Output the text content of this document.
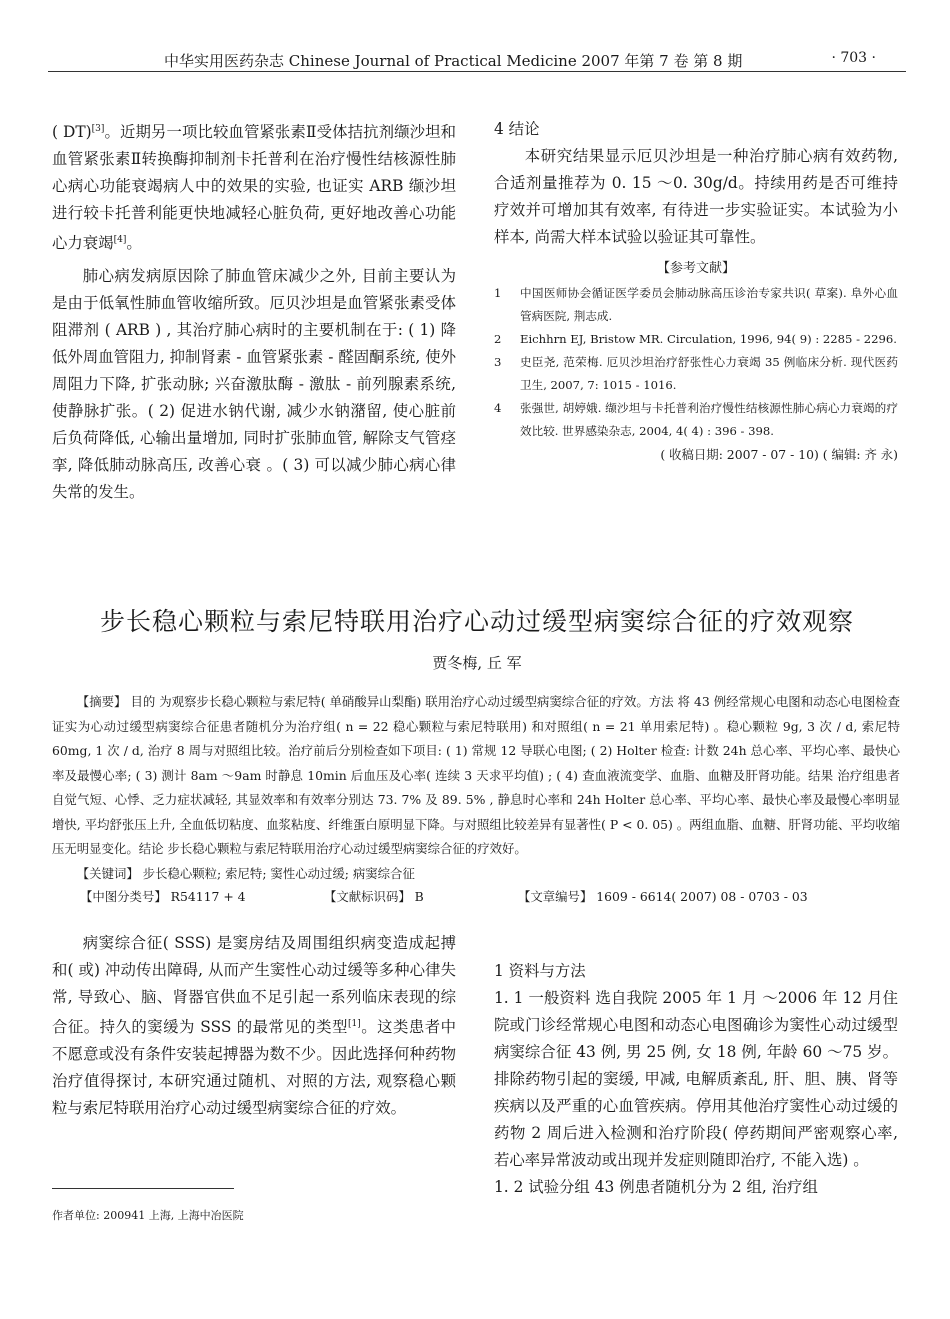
中华实用医药杂志 Chinese Journal of Practical Medicine 2007 年第 7 卷 第 8 期	· 703 ·

( DT)[3]。近期另一项比较血管紧张素Ⅱ受体拮抗剂缬沙坦和血管紧张素Ⅱ转换酶抑制剂卡托普利在治疗慢性结核源性肺心病心功能衰竭病人中的效果的实验, 也证实 ARB 缬沙坦进行较卡托普利能更快地减轻心脏负荷, 更好地改善心功能心力衰竭[4]。

肺心病发病原因除了肺血管床减少之外, 目前主要认为是由于低氧性肺血管收缩所致。厄贝沙坦是血管紧张素受体阻滞剂 ( ARB ) , 其治疗肺心病时的主要机制在于: ( 1) 降低外周血管阻力, 抑制肾素 - 血管紧张素 - 醛固酮系统, 使外周阻力下降, 扩张动脉; 兴奋激肽酶 - 激肽 - 前列腺素系统, 使静脉扩张。( 2) 促进水钠代谢, 减少水钠潴留, 使心脏前后负荷降低, 心输出量增加, 同时扩张肺血管, 解除支气管痉挛, 降低肺动脉高压, 改善心衰 。( 3) 可以减少肺心病心律失常的发生。

4 结论

本研究结果显示厄贝沙坦是一种治疗肺心病有效药物, 合适剂量推荐为 0. 15 ～0. 30g/d。持续用药是否可维持疗效并可增加其有效率, 有待进一步实验证实。本试验为小样本, 尚需大样本试验以验证其可靠性。

【参考文献】

1	中国医师协会循证医学委员会肺动脉高压诊治专家共识( 草案). 阜外心血管病医院, 荆志成.
2	Eichhrn EJ, Bristow MR. Circulation, 1996, 94( 9) : 2285 - 2296.
3	史臣尧, 范荣梅. 厄贝沙坦治疗舒张性心力衰竭 35 例临床分析. 现代医药卫生, 2007, 7: 1015 - 1016.
4	张强世, 胡婷娥. 缬沙坦与卡托普利治疗慢性结核源性肺心病心力衰竭的疗效比较. 世界感染杂志, 2004, 4( 4) : 396 - 398.
( 收稿日期: 2007 - 07 - 10) ( 编辑: 齐 永)
步长稳心颗粒与索尼特联用治疗心动过缓型病窦综合征的疗效观察
贾冬梅, 丘 军

【摘要】 目的 为观察步长稳心颗粒与索尼特( 单硝酸异山梨酯) 联用治疗心动过缓型病窦综合征的疗效。方法 将 43 例经常规心电图和动态心电图检查证实为心动过缓型病窦综合征患者随机分为治疗组( n = 22 稳心颗粒与索尼特联用) 和对照组( n = 21 单用索尼特) 。稳心颗粒 9g, 3 次 / d, 索尼特 60mg, 1 次 / d, 治疗 8 周与对照组比较。治疗前后分别检查如下项目: ( 1) 常规 12 导联心电图; ( 2) Holter 检查: 计数 24h 总心率、平均心率、最快心率及最慢心率; ( 3) 测计 8am ～9am 时静息 10min 后血压及心率( 连续 3 天求平均值) ; ( 4) 查血液流变学、血脂、血糖及肝肾功能。结果 治疗组患者自觉气短、心悸、乏力症状减轻, 其显效率和有效率分别达 73. 7% 及 89. 5% , 静息时心率和 24h Holter 总心率、平均心率、最快心率及最慢心率明显增快, 平均舒张压上升, 全血低切粘度、血浆粘度、纤维蛋白原明显下降。与对照组比较差异有显著性( P < 0. 05) 。两组血脂、血糖、肝肾功能、平均收缩压无明显变化。结论 步长稳心颗粒与索尼特联用治疗心动过缓型病窦综合征的疗效好。

【关键词】 步长稳心颗粒; 索尼特; 窦性心动过缓; 病窦综合征

【中图分类号】 R54117 + 4	【文献标识码】 B	【文章编号】 1609 - 6614( 2007) 08 - 0703 - 03

病窦综合征( SSS) 是窦房结及周围组织病变造成起搏和( 或) 冲动传出障碍, 从而产生窦性心动过缓等多种心律失常, 导致心、脑、肾器官供血不足引起一系列临床表现的综合征。持久的窦缓为 SSS 的最常见的类型[1]。这类患者中不愿意或没有条件安装起搏器为数不少。因此选择何种药物治疗值得探讨, 本研究通过随机、对照的方法, 观察稳心颗粒与索尼特联用治疗心动过缓型病窦综合征的疗效。

作者单位: 200941 上海, 上海中冶医院

1 资料与方法

1. 1 一般资料 选自我院 2005 年 1 月 ～2006 年 12 月住院或门诊经常规心电图和动态心电图确诊为窦性心动过缓型病窦综合征 43 例, 男 25 例, 女 18 例, 年龄 60 ～75 岁。排除药物引起的窦缓, 甲减, 电解质紊乱, 肝、胆、胰、肾等疾病以及严重的心血管疾病。停用其他治疗窦性心动过缓的药物 2 周后进入检测和治疗阶段( 停药期间严密观察心率, 若心率异常波动或出现并发症则随即治疗, 不能入选) 。

1. 2 试验分组 43 例患者随机分为 2 组, 治疗组
